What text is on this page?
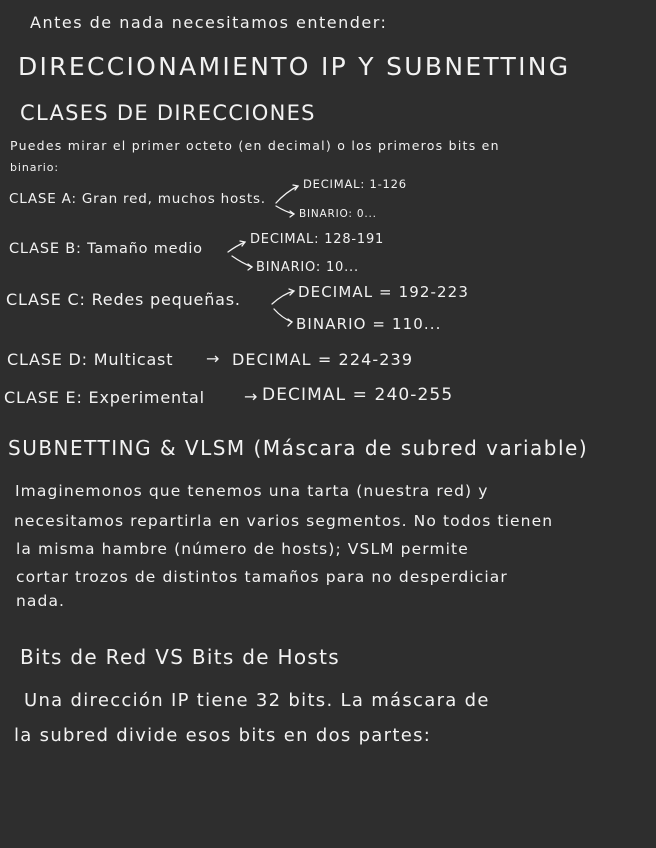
Antes de nada necesitamos entender:
DIRECCIONAMIENTO IP Y SUBNETTING
CLASES DE DIRECCIONES
Puedes mirar el primer octeto (en decimal) o los primeros bits en
binario:
CLASE A: Gran red, muchos hosts.
DECIMAL: 1-126
BINARIO: 0...
CLASE B: Tamaño medio
DECIMAL: 128-191
BINARIO: 10...
CLASE C: Redes pequeñas.	DECIMAL = 192-223
BINARIO = 110...
CLASE D: Multicast → DECIMAL = 224-239
CLASE E: Experimental → DECIMAL = 240-255
SUBNETTING & VLSM (Máscara de subred variable)
Imaginemonos que tenemos una tarta (nuestra red) y
necesitamos repartirla en varios segmentos. No todos tienen
la misma hambre (número de hosts); VSLM permite
cortar trozos de distintos tamaños para no desperdiciar
nada.
Bits de Red VS Bits de Hosts
Una dirección IP tiene 32 bits. La máscara de
la subred divide esos bits en dos partes:
